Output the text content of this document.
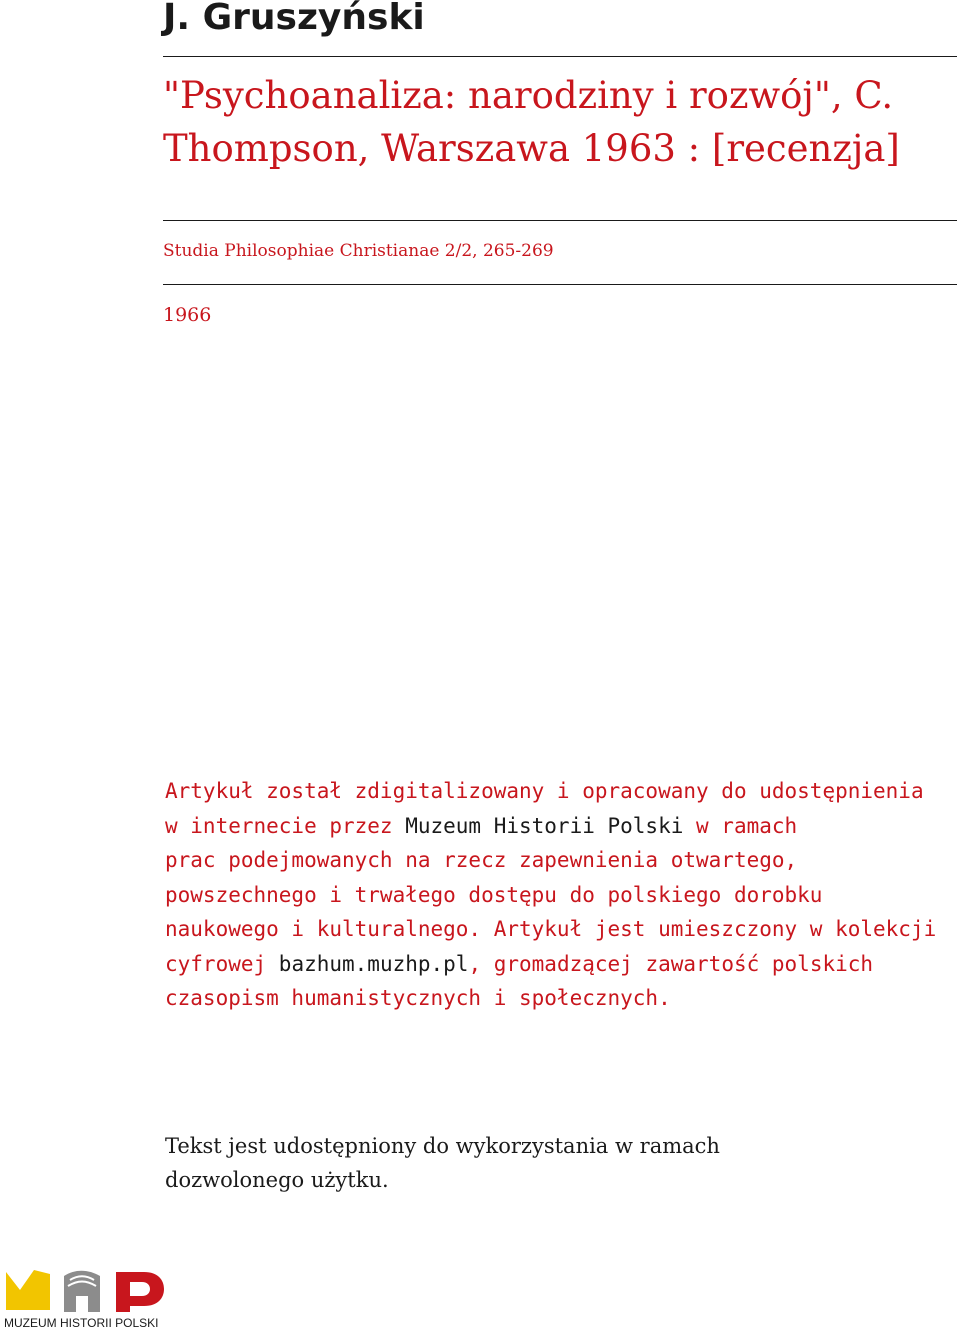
J. Gruszyński
"Psychoanaliza: narodziny i rozwój", C. Thompson, Warszawa 1963 : [recenzja]

Studia Philosophiae Christianae 2/2, 265-269

1966

Artykuł został zdigitalizowany i opracowany do udostępnienia
w internecie przez Muzeum Historii Polski w ramach
prac podejmowanych na rzecz zapewnienia otwartego,
powszechnego i trwałego dostępu do polskiego dorobku
naukowego i kulturalnego. Artykuł jest umieszczony w kolekcji
cyfrowej bazhum.muzhp.pl, gromadzącej zawartość polskich
czasopism humanistycznych i społecznych.

Tekst jest udostępniony do wykorzystania w ramach
dozwolonego użytku.

MUZEUM HISTORII POLSKI
